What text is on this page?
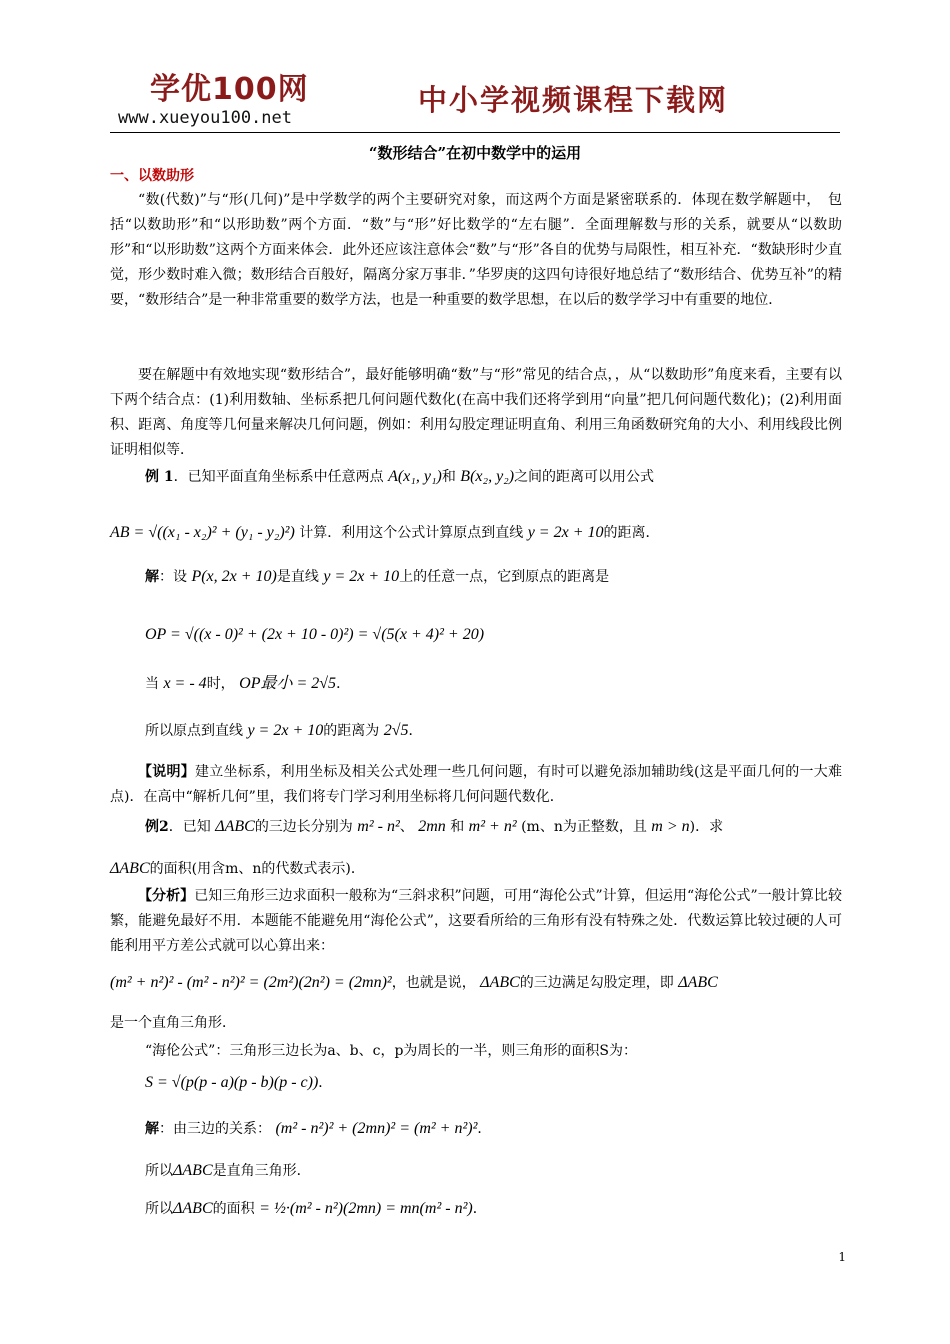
学优100网
www.xueyou100.net
中小学视频课程下载网
“数形结合”在初中数学中的运用
一、以数助形
“数(代数)”与“形(几何)”是中学数学的两个主要研究对象，而这两个方面是紧密联系的．体现在数学解题中，　包括“以数助形”和“以形助数”两个方面．“数”与“形”好比数学的“左右腿”．全面理解数与形的关系，就要从“以数助形”和“以形助数”这两个方面来体会．此外还应该注意体会“数”与“形”各自的优势与局限性，相互补充．“数缺形时少直觉，形少数时难入微；数形结合百般好，隔离分家万事非．”华罗庚的这四句诗很好地总结了“数形结合、优势互补”的精要，“数形结合”是一种非常重要的数学方法，也是一种重要的数学思想，在以后的数学学习中有重要的地位．
要在解题中有效地实现“数形结合”，最好能够明确“数”与“形”常见的结合点，，从“以数助形”角度来看，主要有以下两个结合点：(1)利用数轴、坐标系把几何问题代数化(在高中我们还将学到用“向量”把几何问题代数化)；(2)利用面积、距离、角度等几何量来解决几何问题，例如：利用勾股定理证明直角、利用三角函数研究角的大小、利用线段比例证明相似等．
例 1．已知平面直角坐标系中任意两点 A(x₁, y₁)和 B(x₂, y₂)之间的距离可以用公式
AB = √((x₁ - x₂)² + (y₁ - y₂)²) 计算．利用这个公式计算原点到直线 y = 2x + 10的距离．
解：设 P(x, 2x + 10)是直线 y = 2x + 10上的任意一点，它到原点的距离是
OP = √((x - 0)² + (2x + 10 - 0)²) = √(5(x + 4)² + 20)
当 x = - 4时， OP最小 = 2√5．
所以原点到直线 y = 2x + 10的距离为 2√5．
【说明】建立坐标系，利用坐标及相关公式处理一些几何问题，有时可以避免添加辅助线(这是平面几何的一大难点)．在高中“解析几何”里，我们将专门学习利用坐标将几何问题代数化．
例2．已知 ΔABC的三边长分别为 m² - n²、 2mn 和 m² + n² (m、n为正整数，且 m > n)．求
ΔABC的面积(用含m、n的代数式表示)．
【分析】已知三角形三边求面积一般称为“三斜求积”问题，可用“海伦公式”计算，但运用“海伦公式”一般计算比较繁，能避免最好不用．本题能不能避免用“海伦公式”，这要看所给的三角形有没有特殊之处．代数运算比较过硬的人可能利用平方差公式就可以心算出来：
(m² + n²)² - (m² - n²)² = (2m²)(2n²) = (2mn)²，也就是说， ΔABC的三边满足勾股定理，即 ΔABC
是一个直角三角形．
“海伦公式”：三角形三边长为a、b、c，p为周长的一半，则三角形的面积S为：
S = √(p(p - a)(p - b)(p - c))．
解：由三边的关系： (m² - n²)² + (2mn)² = (m² + n²)²．
所以ΔABC是直角三角形．
所以ΔABC的面积 = ½·(m² - n²)(2mn) = mn(m² - n²)．
1
